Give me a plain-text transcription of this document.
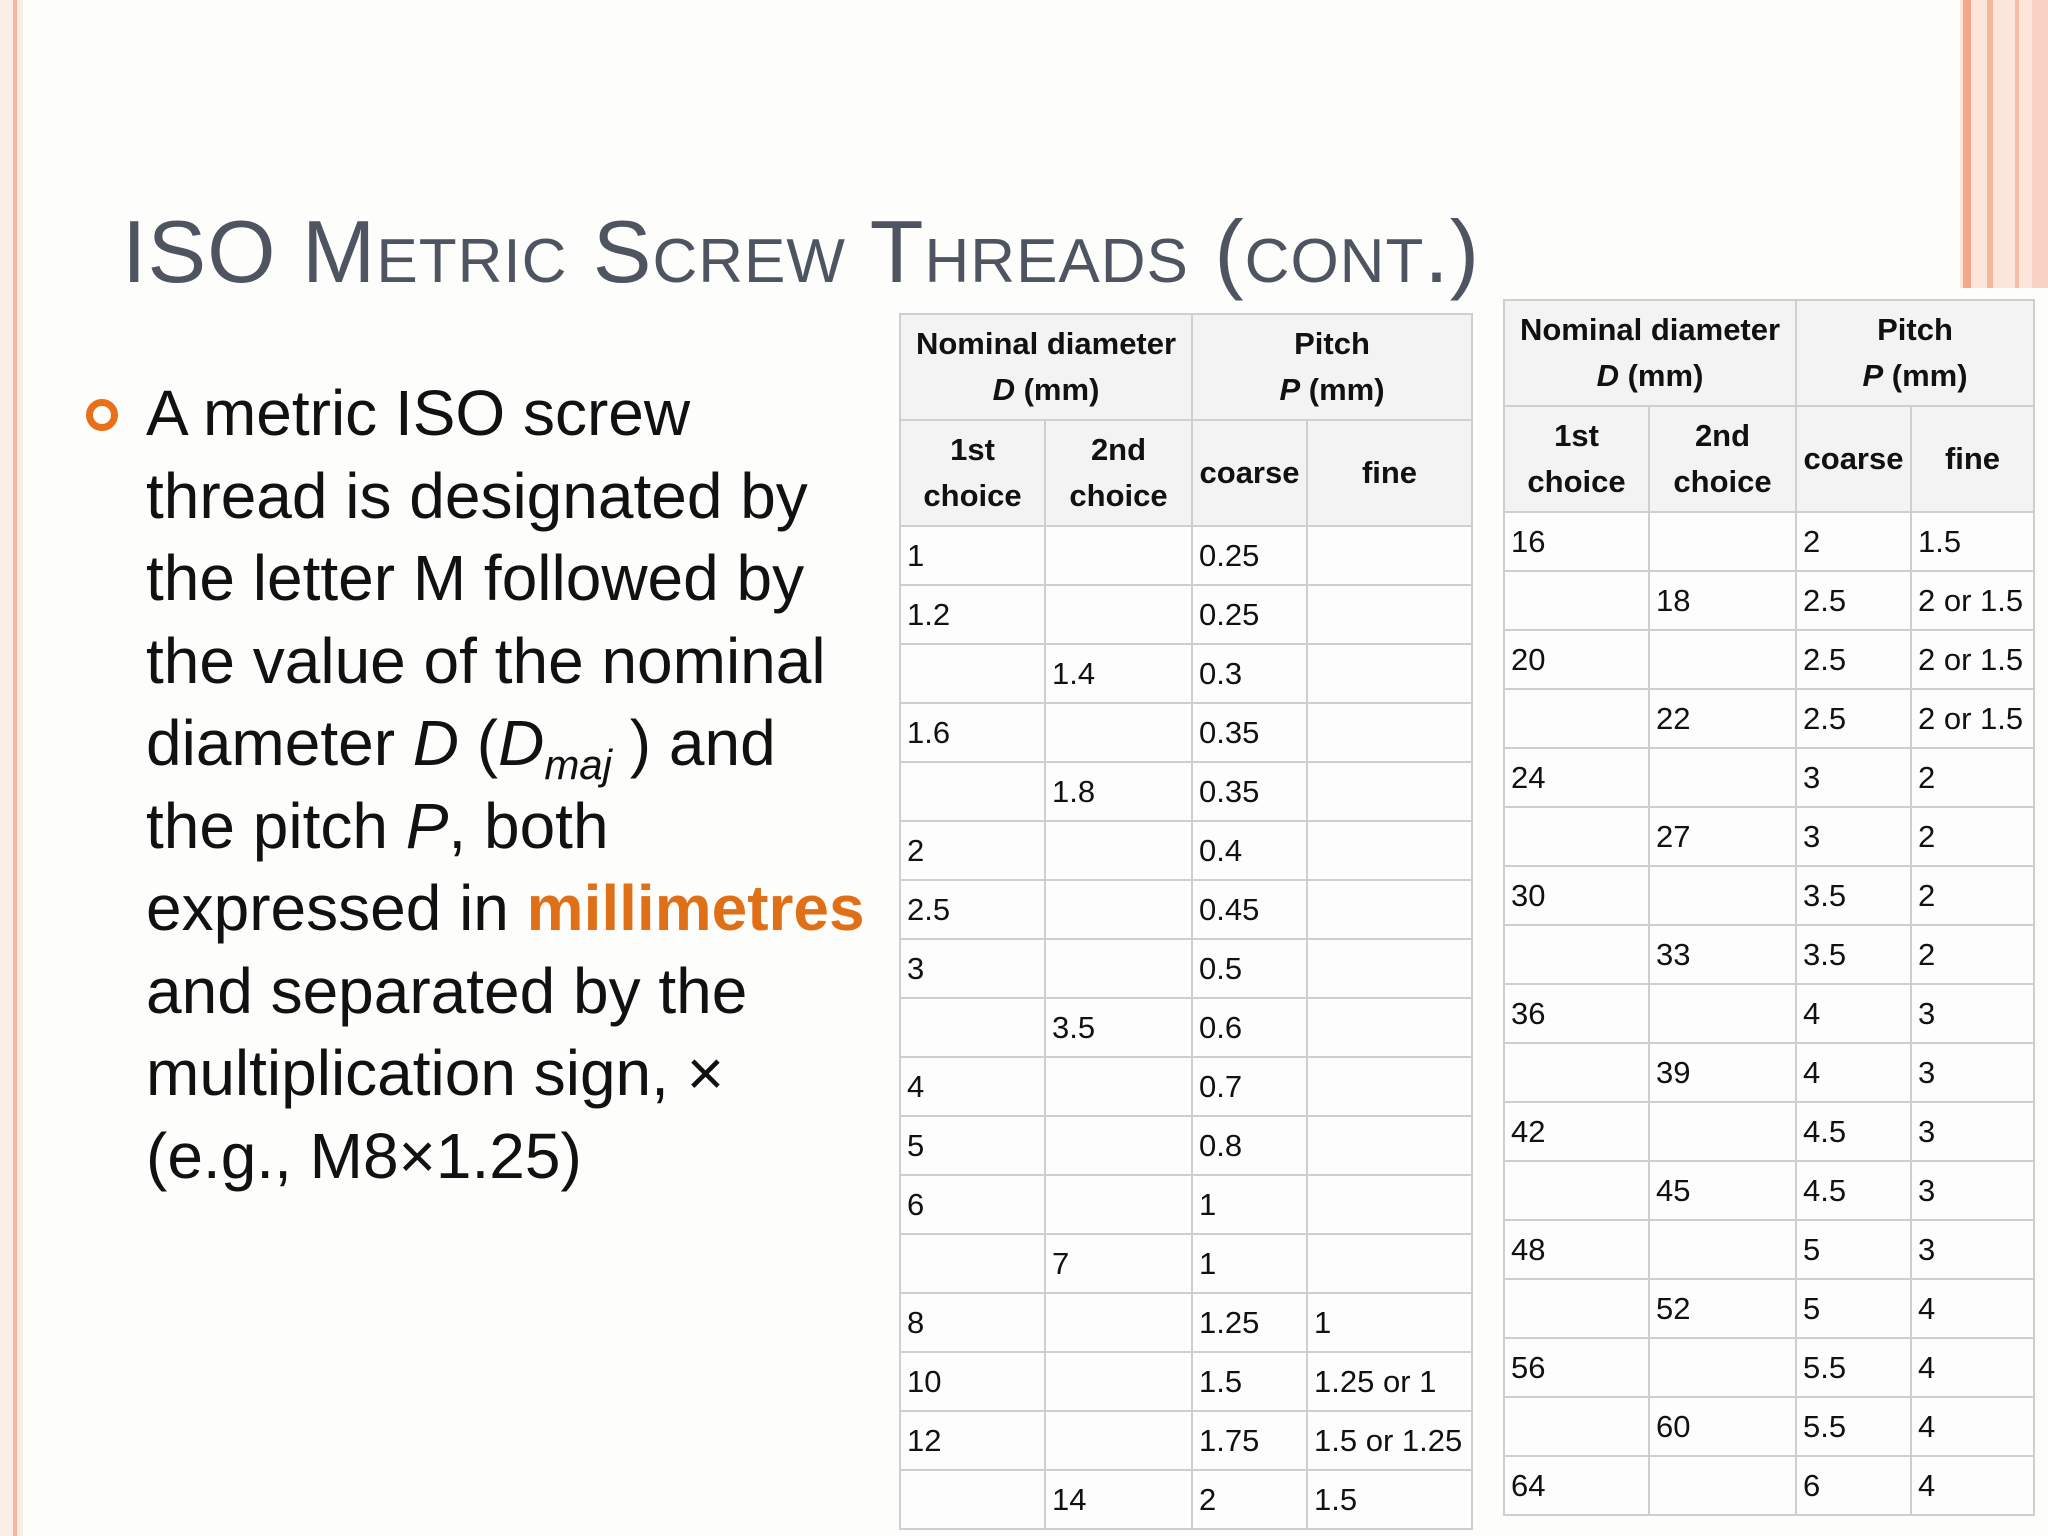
ISO Metric Screw Threads (cont.)

A metric ISO screw thread is designated by the letter M followed by the value of the nominal diameter D ($D_{maj}$ ) and the pitch P, both expressed in millimetres and separated by the multiplication sign, × (e.g., M8×1.25)

Nominal diameter
D (mm)		Pitch
P (mm)	
1st choice	2nd choice	coarse	fine
1		0.25	
1.2		0.25	
	1.4	0.3	
1.6		0.35	
	1.8	0.35	
2		0.4	
2.5		0.45	
3		0.5	
	3.5	0.6	
4		0.7	
5		0.8	
6		1	
	7	1	
8		1.25	1
10		1.5	1.25 or 1
12		1.75	1.5 or 1.25
	14	2	1.5
Nominal diameter
D (mm)		Pitch
P (mm)	
1st choice	2nd choice	coarse	fine
16		2	1.5
	18	2.5	2 or 1.5
20		2.5	2 or 1.5
	22	2.5	2 or 1.5
24		3	2
	27	3	2
30		3.5	2
	33	3.5	2
36		4	3
	39	4	3
42		4.5	3
	45	4.5	3
48		5	3
	52	5	4
56		5.5	4
	60	5.5	4
64		6	4
